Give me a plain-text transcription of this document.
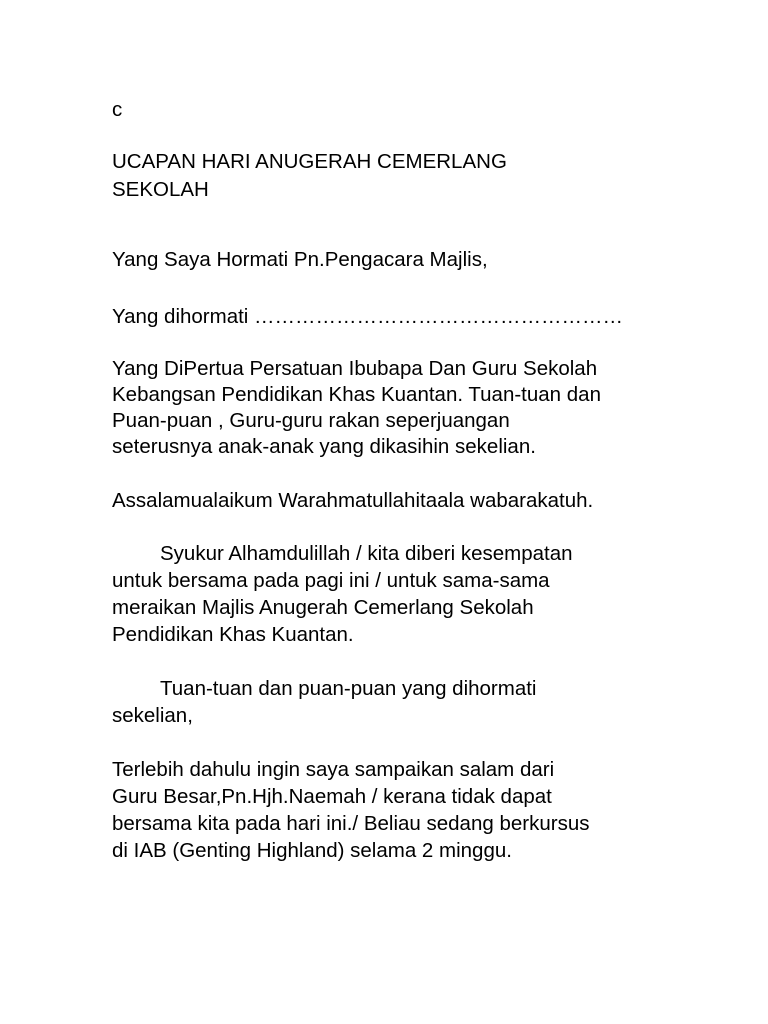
c

UCAPAN HARI ANUGERAH CEMERLANG

SEKOLAH

Yang Saya Hormati Pn.Pengacara Majlis,

Yang dihormati ………………………………………………

Yang DiPertua Persatuan Ibubapa Dan Guru Sekolah

Kebangsan Pendidikan Khas Kuantan. Tuan-tuan dan

Puan-puan , Guru-guru rakan seperjuangan

seterusnya anak-anak yang dikasihin sekelian.

Assalamualaikum Warahmatullahitaala wabarakatuh.

Syukur Alhamdulillah / kita diberi kesempatan

untuk bersama pada pagi ini / untuk sama-sama

meraikan Majlis Anugerah Cemerlang Sekolah

Pendidikan Khas Kuantan.

Tuan-tuan dan puan-puan yang dihormati

sekelian,

Terlebih dahulu ingin saya sampaikan salam dari

Guru Besar,Pn.Hjh.Naemah / kerana tidak dapat

bersama kita pada hari ini./ Beliau sedang berkursus

di IAB (Genting Highland) selama 2 minggu.
